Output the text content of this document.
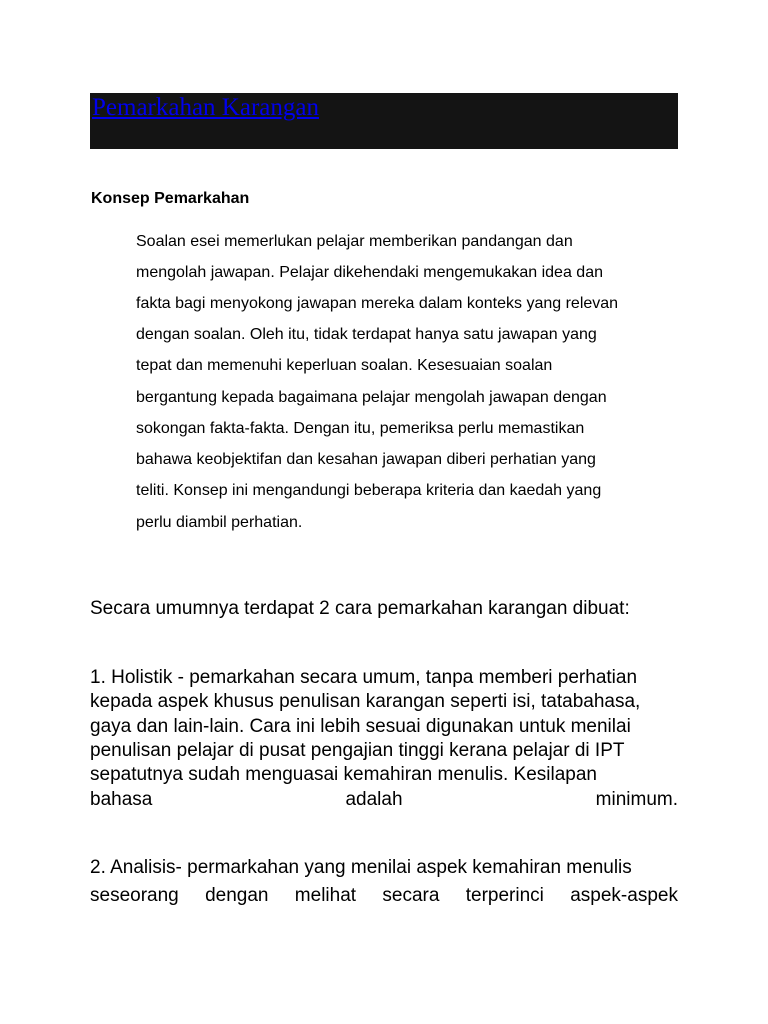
Pemarkahan Karangan
Konsep Pemarkahan
Soalan esei memerlukan pelajar memberikan pandangan dan
mengolah jawapan. Pelajar dikehendaki mengemukakan idea dan
fakta bagi menyokong jawapan mereka dalam konteks yang relevan
dengan soalan. Oleh itu, tidak terdapat hanya satu jawapan yang
tepat dan memenuhi keperluan soalan. Kesesuaian soalan
bergantung kepada bagaimana pelajar mengolah jawapan dengan
sokongan fakta-fakta. Dengan itu, pemeriksa perlu memastikan
bahawa keobjektifan dan kesahan jawapan diberi perhatian yang
teliti. Konsep ini mengandungi beberapa kriteria dan kaedah yang
perlu diambil perhatian.
Secara umumnya terdapat 2 cara pemarkahan karangan dibuat:
1. Holistik - pemarkahan secara umum, tanpa memberi perhatian
kepada aspek khusus penulisan karangan seperti isi, tatabahasa,
gaya dan lain-lain. Cara ini lebih sesuai digunakan untuk menilai
penulisan pelajar di pusat pengajian tinggi kerana pelajar di IPT
sepatutnya sudah menguasai kemahiran menulis. Kesilapan
bahasa	adalah	minimum.
2. Analisis- permarkahan yang menilai aspek kemahiran menulis
seseorang dengan melihat secara terperinci aspek-aspek
